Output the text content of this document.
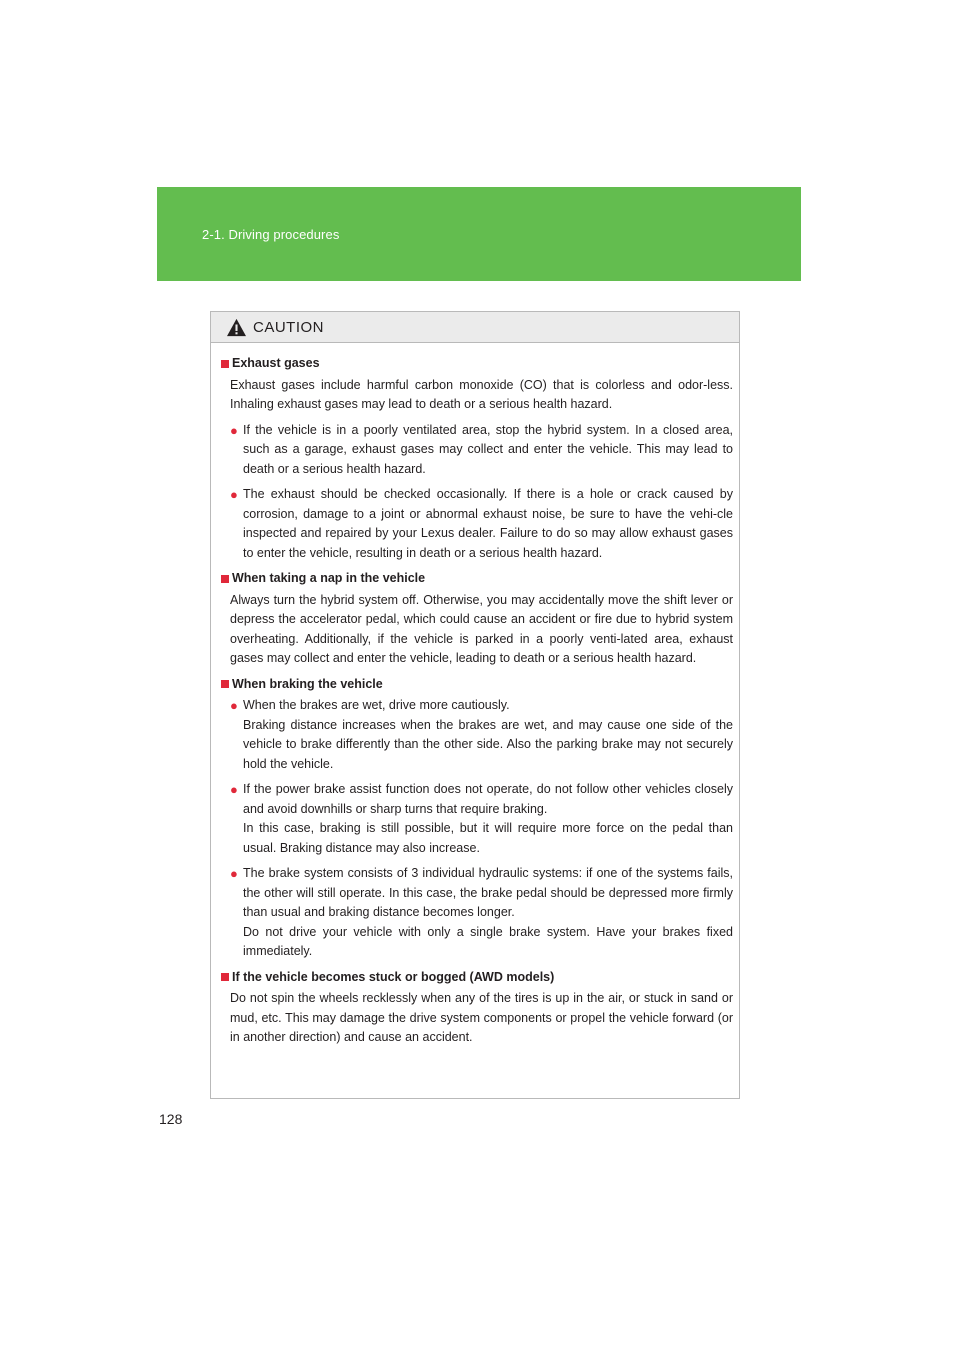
2-1. Driving procedures
CAUTION
Exhaust gases
Exhaust gases include harmful carbon monoxide (CO) that is colorless and odor-less. Inhaling exhaust gases may lead to death or a serious health hazard.
● If the vehicle is in a poorly ventilated area, stop the hybrid system. In a closed area, such as a garage, exhaust gases may collect and enter the vehicle. This may lead to death or a serious health hazard.
● The exhaust should be checked occasionally. If there is a hole or crack caused by corrosion, damage to a joint or abnormal exhaust noise, be sure to have the vehi-cle inspected and repaired by your Lexus dealer. Failure to do so may allow exhaust gases to enter the vehicle, resulting in death or a serious health hazard.
When taking a nap in the vehicle
Always turn the hybrid system off. Otherwise, you may accidentally move the shift lever or depress the accelerator pedal, which could cause an accident or fire due to hybrid system overheating. Additionally, if the vehicle is parked in a poorly venti-lated area, exhaust gases may collect and enter the vehicle, leading to death or a serious health hazard.
When braking the vehicle
● When the brakes are wet, drive more cautiously.
Braking distance increases when the brakes are wet, and may cause one side of the vehicle to brake differently than the other side. Also the parking brake may not securely hold the vehicle.
● If the power brake assist function does not operate, do not follow other vehicles closely and avoid downhills or sharp turns that require braking.
In this case, braking is still possible, but it will require more force on the pedal than usual. Braking distance may also increase.
● The brake system consists of 3 individual hydraulic systems: if one of the systems fails, the other will still operate. In this case, the brake pedal should be depressed more firmly than usual and braking distance becomes longer.
Do not drive your vehicle with only a single brake system. Have your brakes fixed immediately.
If the vehicle becomes stuck or bogged (AWD models)
Do not spin the wheels recklessly when any of the tires is up in the air, or stuck in sand or mud, etc. This may damage the drive system components or propel the vehicle forward (or in another direction) and cause an accident.
128
